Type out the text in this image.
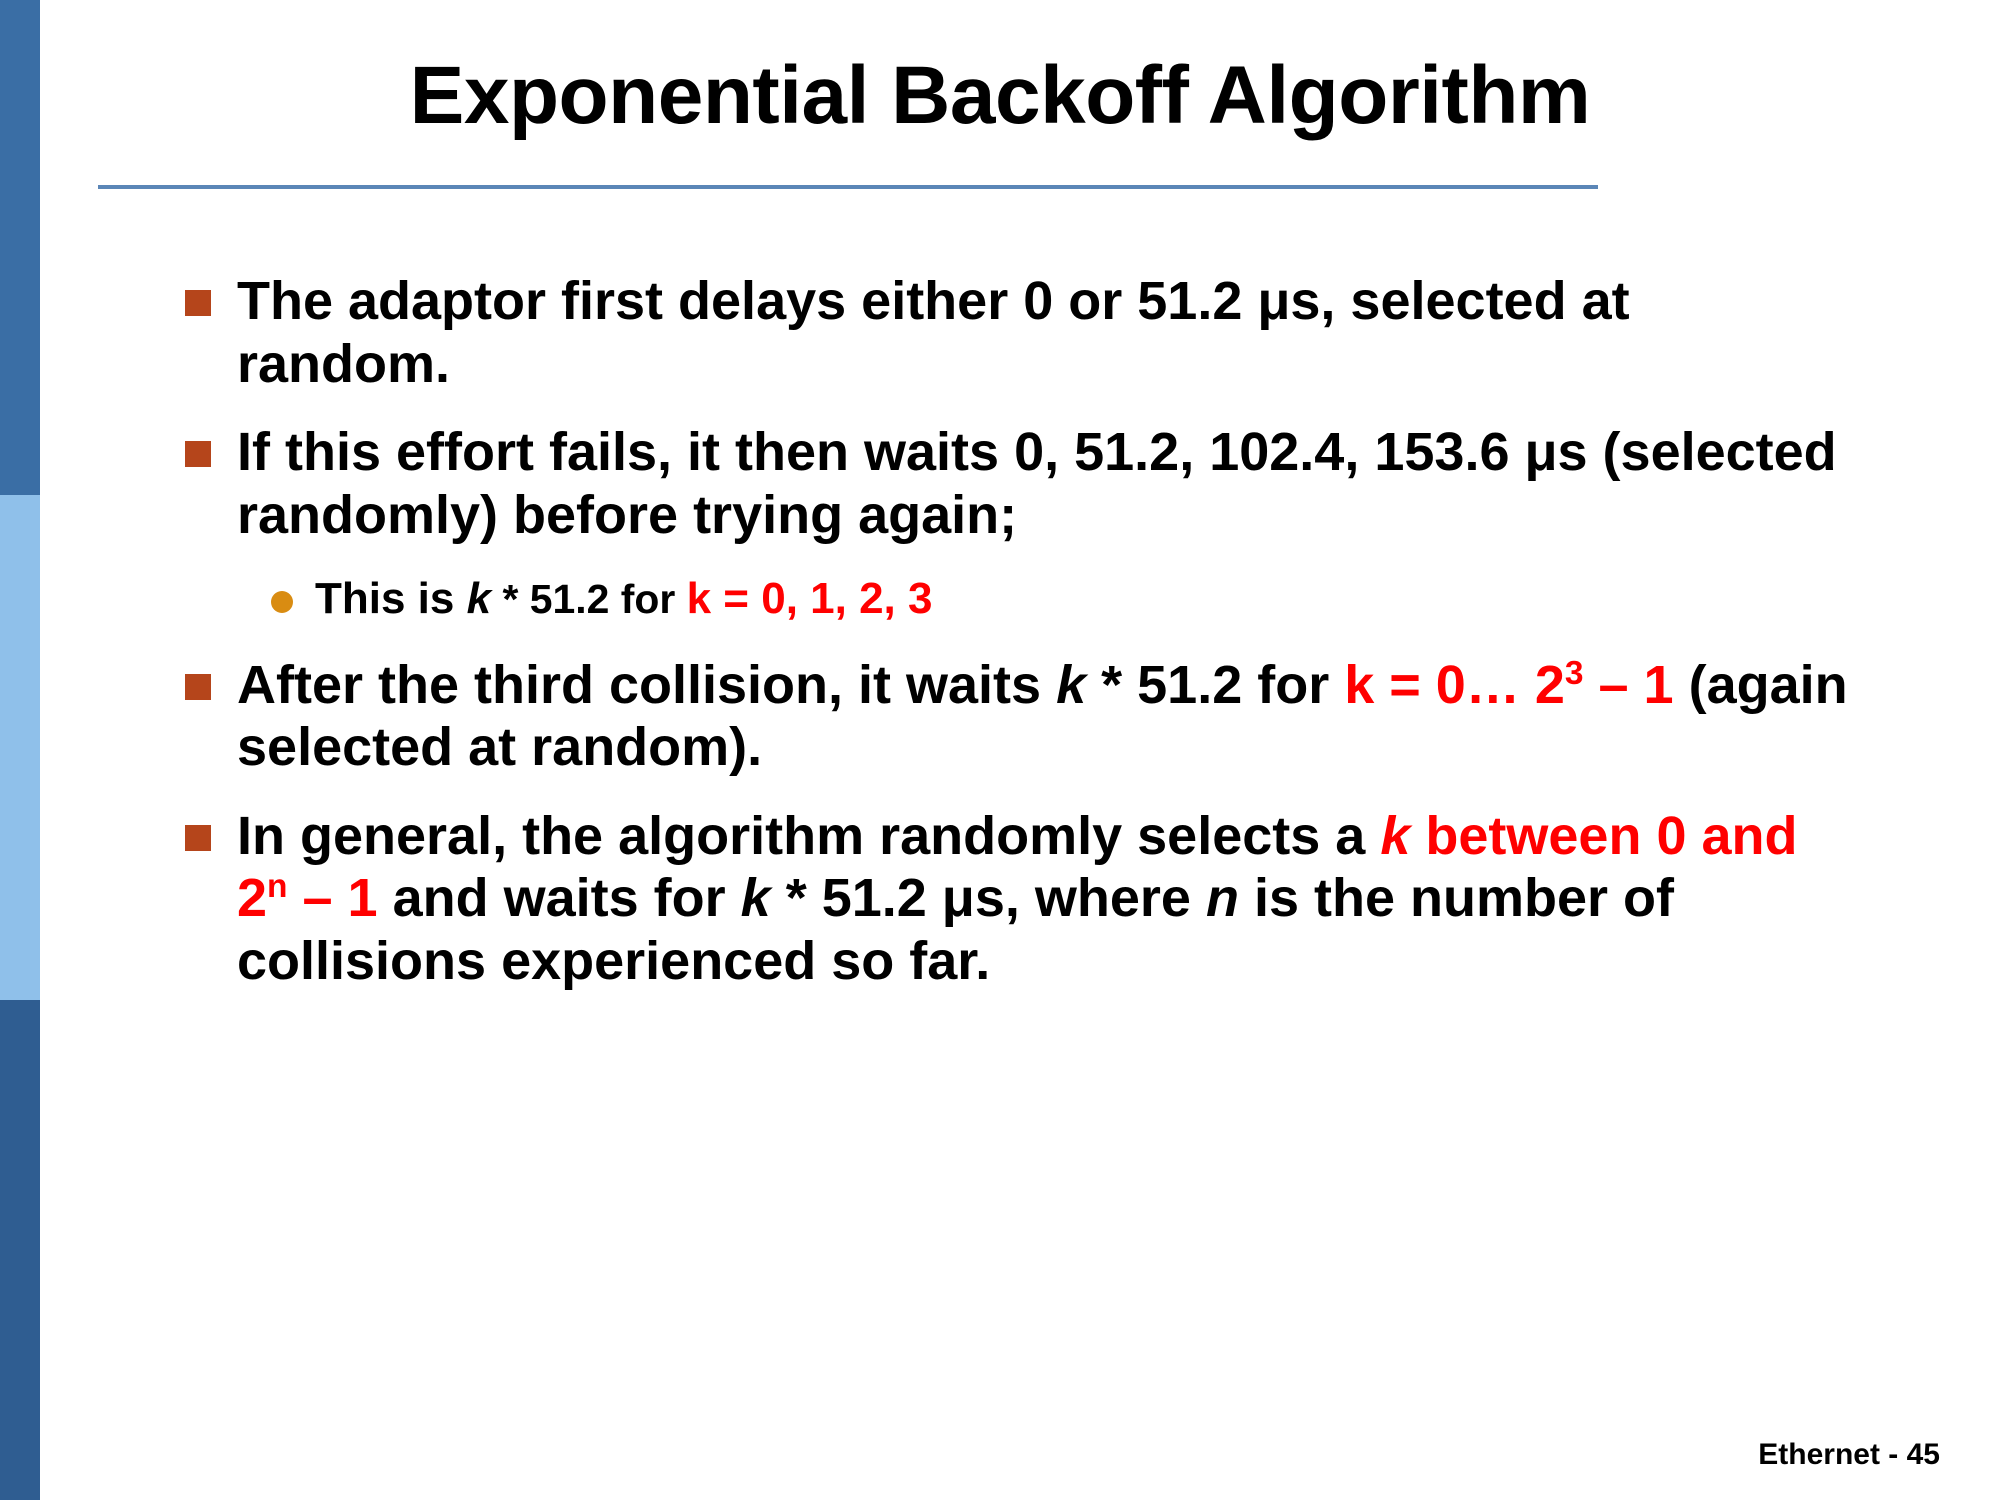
Exponential Backoff Algorithm
The adaptor first delays either 0 or 51.2 μs, selected at random.
If this effort fails, it then waits 0, 51.2, 102.4, 153.6 μs (selected randomly) before trying again;
This is k * 51.2 for k = 0, 1, 2, 3
After the third collision, it waits k * 51.2 for k = 0… $2^3 - 1$ (again selected at random).
In general, the algorithm randomly selects a k between 0 and 2$^n$ – 1 and waits for k * 51.2 μs, where n is the number of collisions experienced so far.
Ethernet - 45
